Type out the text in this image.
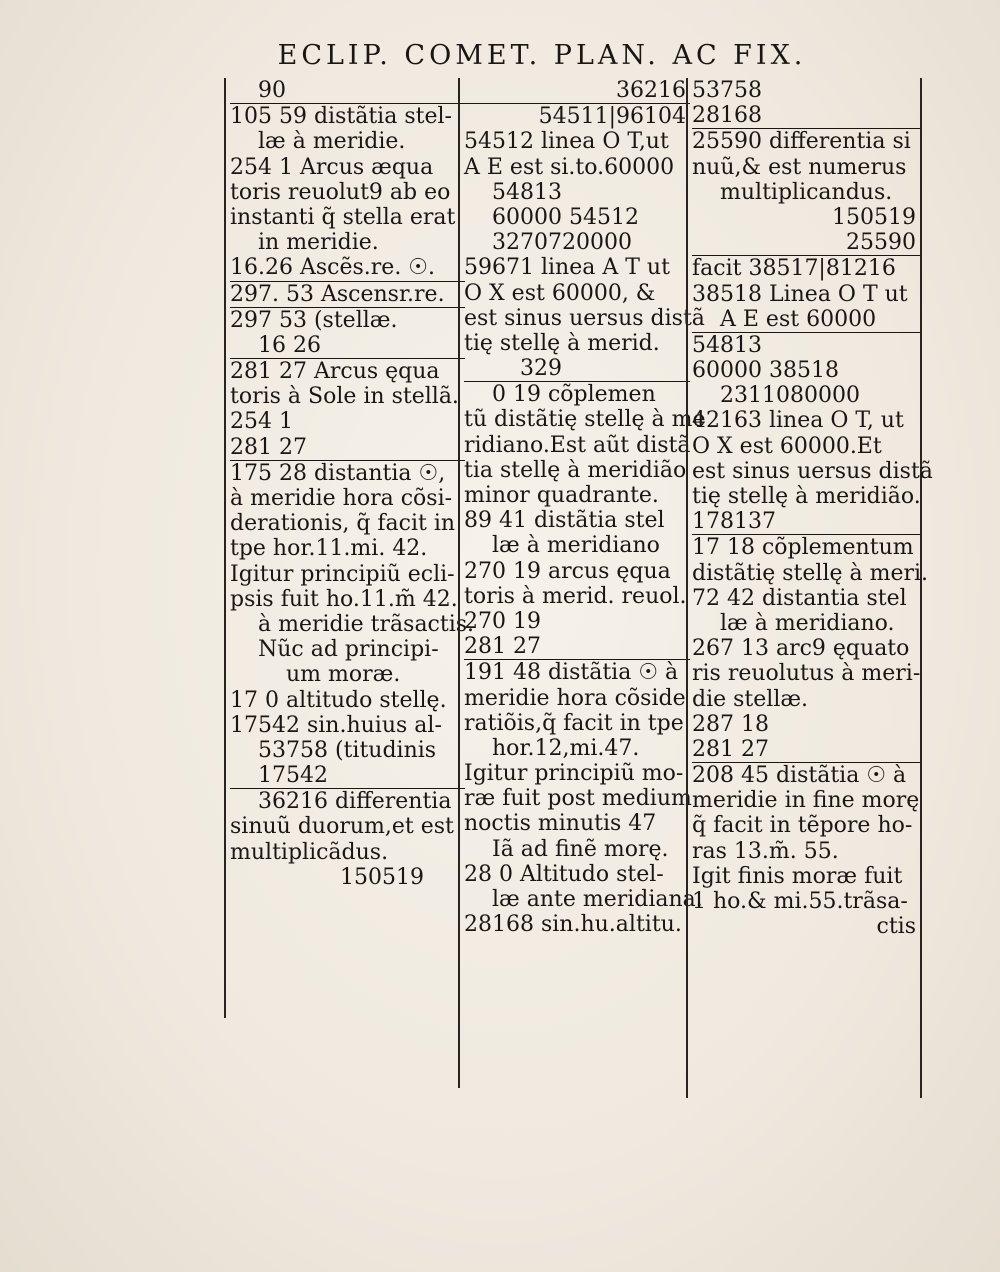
ECLIP. COMET. PLAN. AC FIX.
90
105 59 distãtia stel-
læ à meridie.
254 1 Arcus æqua
toris reuolut9 ab eo
instanti q̃ stella erat
in meridie.
16.26 Ascẽs.re. ☉.
297. 53 Ascensr.re.
297 53 (stellæ.
16 26
281 27 Arcus ęqua
toris à Sole in stellã.
254 1
281 27
175 28 distantia ☉,
à meridie hora cõsi-
derationis, q̃ facit in
tpe hor.11.mi. 42.
Igitur principiũ ecli-
psis fuit ho.11.m̃ 42.
à meridie trãsactis.
Nũc ad principi-
um moræ.
17 0 altitudo stellę.
17542 sin.huius al-
53758 (titudinis
17542
36216 differentia
sinuũ duorum,et est
multiplicãdus.
150519
36216
54511|96104
54512 linea O T,ut
A E est si.to.60000
54813
60000 54512
3270720000
59671 linea A T ut
O X est 60000, &
est sinus uersus distã
tię stellę à merid.
329
0 19 cõplemen
tũ distãtię stellę à me
ridiano.Est aũt distã
tia stellę à meridião
minor quadrante.
89 41 distãtia stel
læ à meridiano
270 19 arcus ęqua
toris à merid. reuol.
270 19
281 27
191 48 distãtia ☉ à
meridie hora cõside
ratiõis,q̃ facit in tpe
hor.12,mi.47.
Igitur principiũ mo-
ræ fuit post medium
noctis minutis 47
Iã ad finẽ morę.
28 0 Altitudo stel-
læ ante meridiana.
28168 sin.hu.altitu.
53758
28168
25590 differentia si
nuũ,& est numerus
multiplicandus.
150519
25590
facit 38517|81216
38518 Linea O T ut
A E est 60000
54813
60000 38518
2311080000
42163 linea O T, ut
O X est 60000.Et
est sinus uersus distã
tię stellę à meridião.
178137
17 18 cõplementum
distãtię stellę à meri.
72 42 distantia stel
læ à meridiano.
267 13 arc9 ęquato
ris reuolutus à meri-
die stellæ.
287 18
281 27
208 45 distãtia ☉ à
meridie in fine morę
q̃ facit in tẽpore ho-
ras 13.m̃. 55.
Igit finis moræ fuit
1 ho.& mi.55.trãsa-
ctis
